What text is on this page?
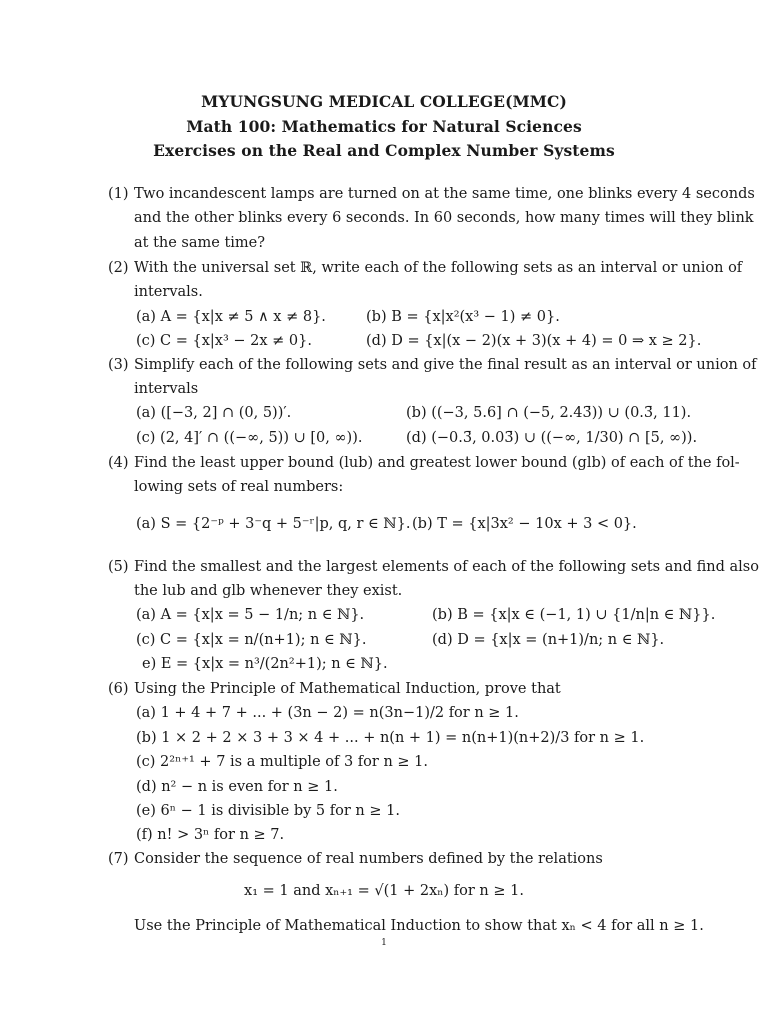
MYUNGSUNG MEDICAL COLLEGE(MMC)
Math 100: Mathematics for Natural Sciences
Exercises on the Real and Complex Number Systems
(1) Two incandescent lamps are turned on at the same time, one blinks every 4 seconds
and the other blinks every 6 seconds. In 60 seconds, how many times will they blink
at the same time?
(2) With the universal set ℝ, write each of the following sets as an interval or union of
intervals.
(a) A = {x|x ≠ 5 ∧ x ≠ 8}.	(b) B = {x|x²(x³ − 1) ≠ 0}.
(c) C = {x|x³ − 2x ≠ 0}.	(d) D = {x|(x − 2)(x + 3)(x + 4) = 0 ⇒ x ≥ 2}.
(3) Simplify each of the following sets and give the final result as an interval or union of
intervals
(a) ([−3, 2] ∩ (0, 5))′.	(b) ((−3, 5.6] ∩ (−5, 2.43̄)) ∪ (0.3̄, 11).
(c) (2, 4]′ ∩ ((−∞, 5)) ∪ [0, ∞)).	(d) (−0.3̄, 0.03̄) ∪ ((−∞, 1/30) ∩ [5, ∞)).
(4) Find the least upper bound (lub) and greatest lower bound (glb) of each of the fol-
lowing sets of real numbers:
(a) S = {2⁻ᵖ + 3⁻q + 5⁻ʳ|p, q, r ∈ ℕ}. (b) T = {x|3x² − 10x + 3 < 0}.
(5) Find the smallest and the largest elements of each of the following sets and find also
the lub and glb whenever they exist.
(a) A = {x|x = 5 − 1/n; n ∈ ℕ}.	(b) B = {x|x ∈ (−1, 1) ∪ {1/n|n ∈ ℕ}}.
(c) C = {x|x = n/(n+1); n ∈ ℕ}.	(d) D = {x|x = (n+1)/n; n ∈ ℕ}.
e) E = {x|x = n³/(2n²+1); n ∈ ℕ}.
(6) Using the Principle of Mathematical Induction, prove that
(a) 1 + 4 + 7 + ... + (3n − 2) = n(3n−1)/2 for n ≥ 1.
(b) 1 × 2 + 2 × 3 + 3 × 4 + ... + n(n + 1) = n(n+1)(n+2)/3 for n ≥ 1.
(c) 2²ⁿ⁺¹ + 7 is a multiple of 3 for n ≥ 1.
(d) n² − n is even for n ≥ 1.
(e) 6ⁿ − 1 is divisible by 5 for n ≥ 1.
(f) n! > 3ⁿ for n ≥ 7.
(7) Consider the sequence of real numbers defined by the relations
x₁ = 1 and xₙ₊₁ = √(1 + 2xₙ) for n ≥ 1.
Use the Principle of Mathematical Induction to show that xₙ < 4 for all n ≥ 1.
1
